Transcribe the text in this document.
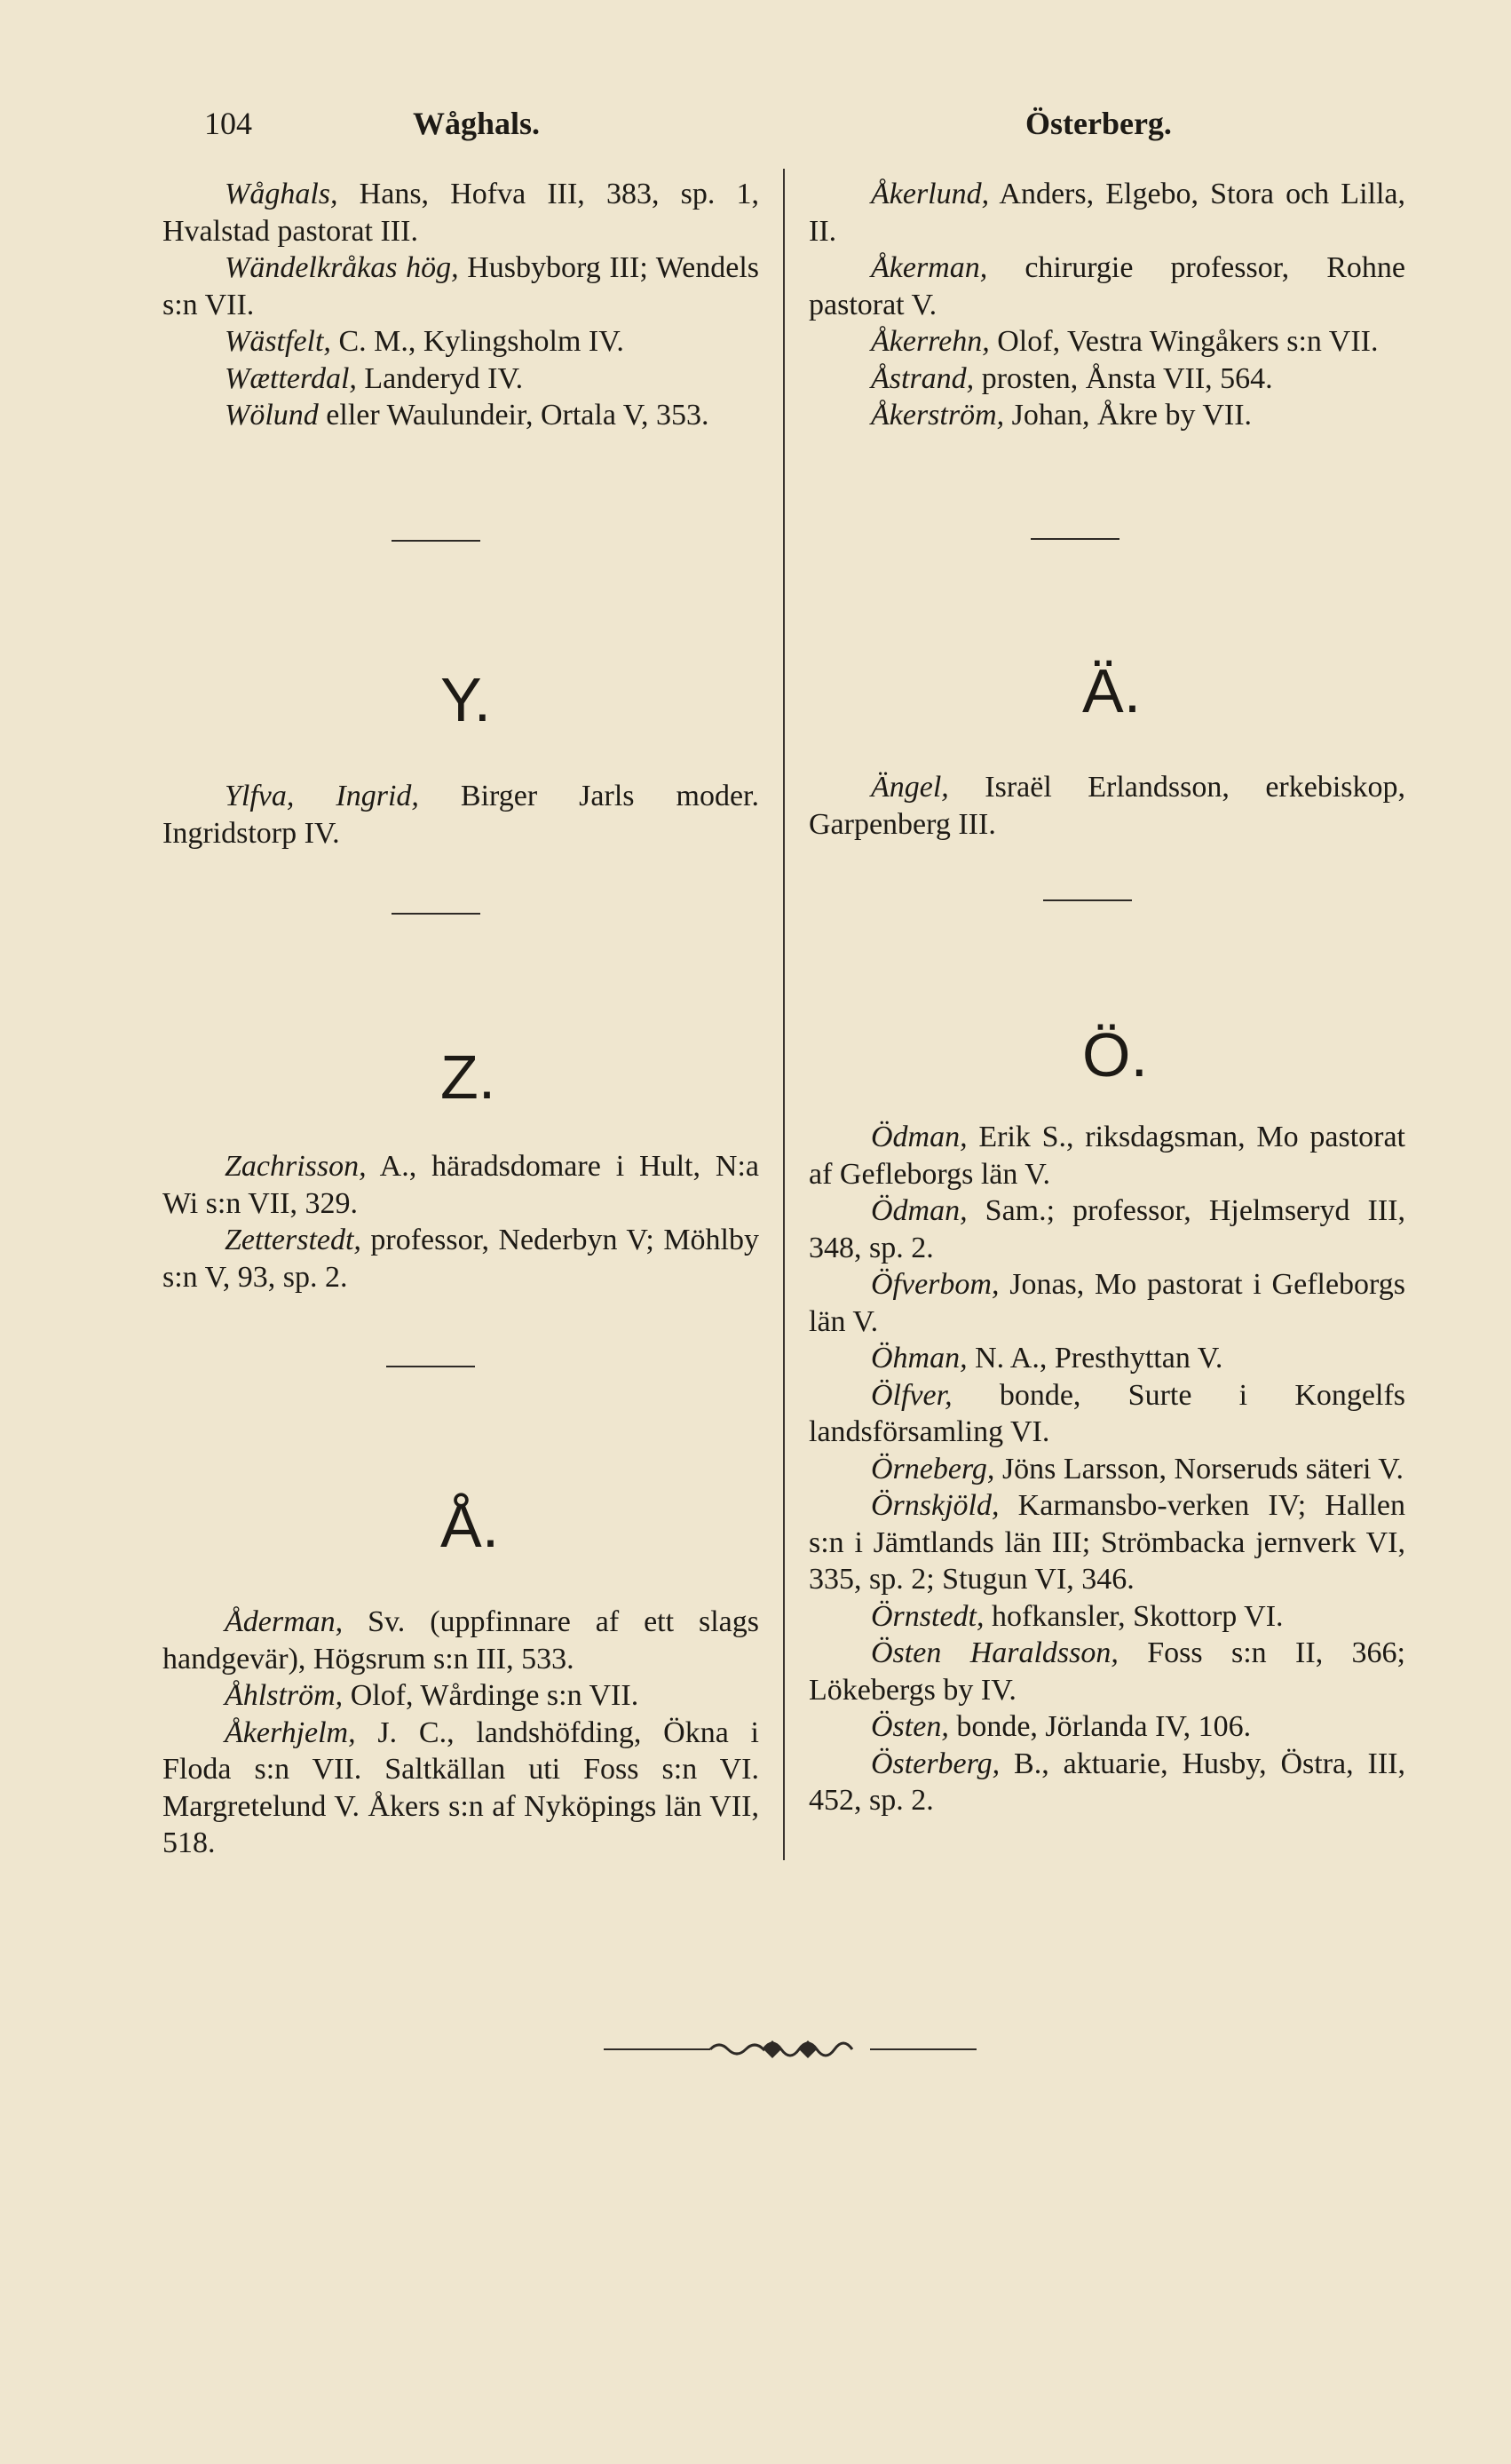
104	Wåghals.	Österberg.

Wåghals, Hans, Hofva III, 383, sp. 1, Hvalstad pastorat III.

Wändelkråkas hög, Husbyborg III; Wendels s:n VII.

Wästfelt, C. M., Kylingsholm IV.

Wætterdal, Landeryd IV.

Wölund eller Waulundeir, Ortala V, 353.

Y.

Ylfva, Ingrid, Birger Jarls moder. Ingridstorp IV.

Z.

Zachrisson, A., häradsdomare i Hult, N:a Wi s:n VII, 329.

Zetterstedt, professor, Nederbyn V; Möhlby s:n V, 93, sp. 2.

Å.

Åderman, Sv. (uppfinnare af ett slags handgevär), Högsrum s:n III, 533.

Åhlström, Olof, Wårdinge s:n VII.

Åkerhjelm, J. C., landshöfding, Ökna i Floda s:n VII. Saltkällan uti Foss s:n VI. Margretelund V. Åkers s:n af Nyköpings län VII, 518.

Åkerlund, Anders, Elgebo, Stora och Lilla, II.

Åkerman, chirurgie professor, Rohne pastorat V.

Åkerrehn, Olof, Vestra Wingåkers s:n VII.

Åstrand, prosten, Ånsta VII, 564.

Åkerström, Johan, Åkre by VII.

Ä.

Ängel, Israël Erlandsson, erkebiskop, Garpenberg III.

Ö.

Ödman, Erik S., riksdagsman, Mo pastorat af Gefleborgs län V.

Ödman, Sam.; professor, Hjelmseryd III, 348, sp. 2.

Öfverbom, Jonas, Mo pastorat i Gefleborgs län V.

Öhman, N. A., Presthyttan V.

Ölfver, bonde, Surte i Kongelfs landsförsamling VI.

Örneberg, Jöns Larsson, Norseruds säteri V.

Örnskjöld, Karmansbo-verken IV; Hallen s:n i Jämtlands län III; Strömbacka jernverk VI, 335, sp. 2; Stugun VI, 346.

Örnstedt, hofkansler, Skottorp VI.

Östen Haraldsson, Foss s:n II, 366; Lökebergs by IV.

Östen, bonde, Jörlanda IV, 106.

Österberg, B., aktuarie, Husby, Östra, III, 452, sp. 2.
